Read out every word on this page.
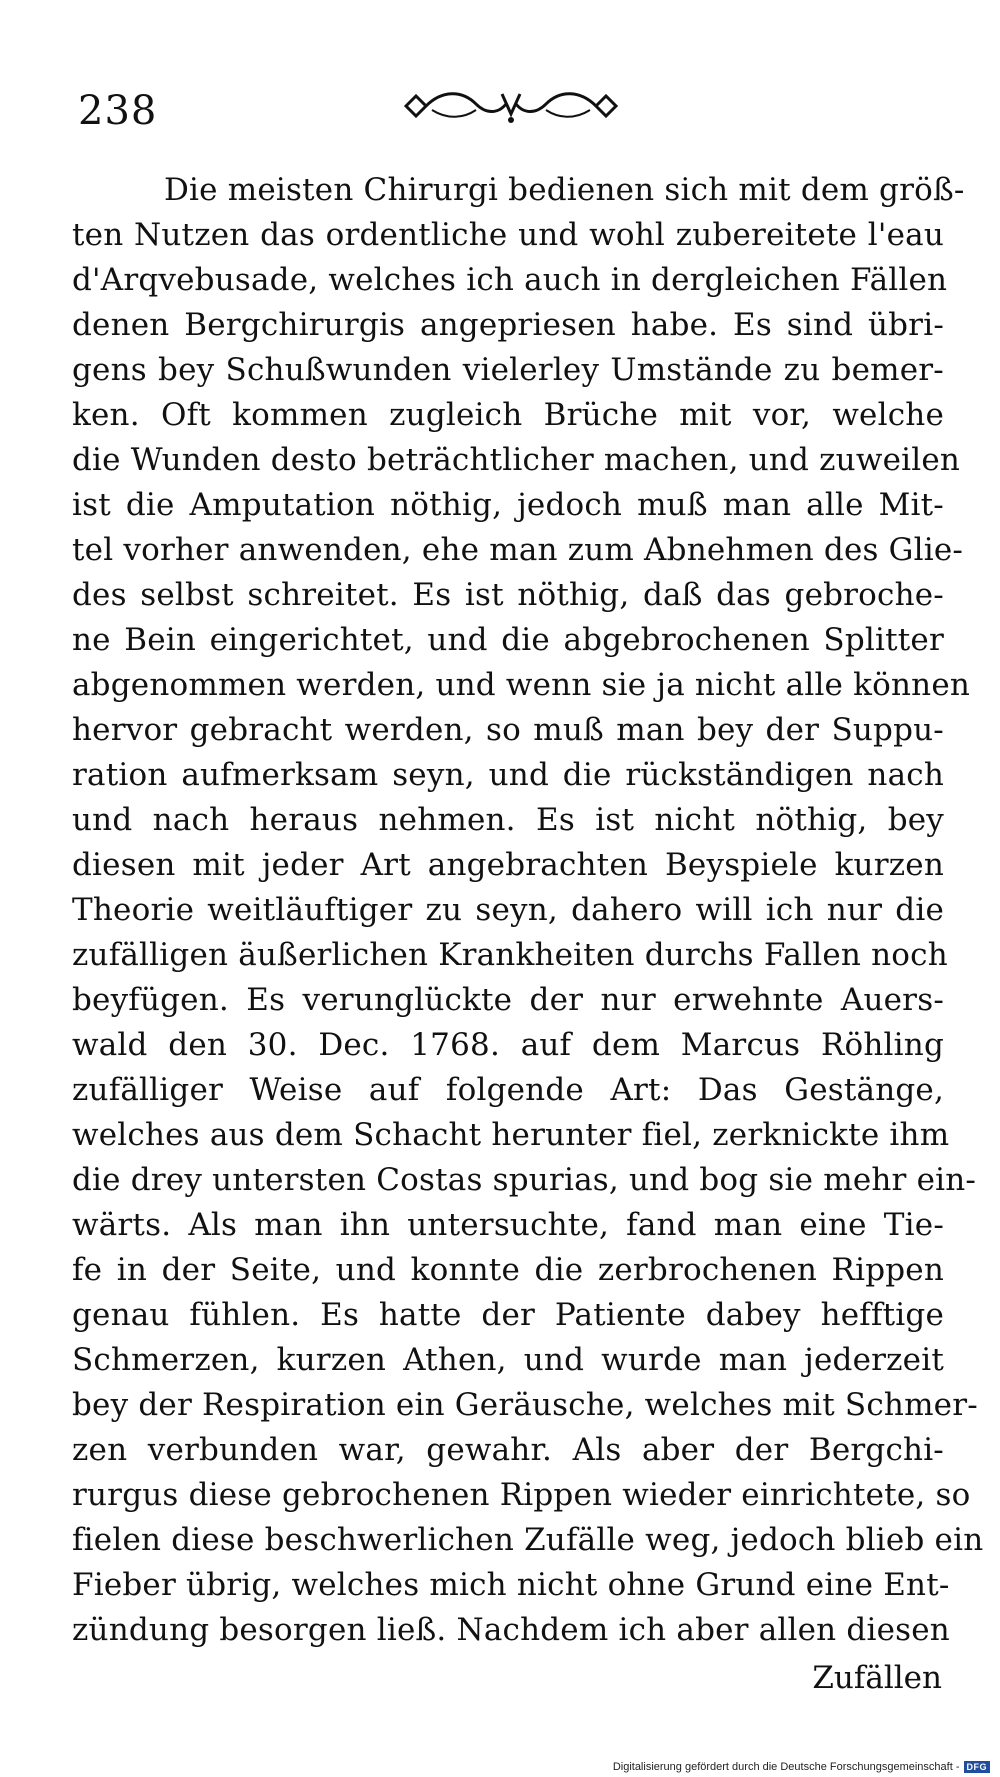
238
Die meisten Chirurgi bedienen sich mit dem größ-
ten Nutzen das ordentliche und wohl zubereitete l'eau
d'Arqvebusade, welches ich auch in dergleichen Fällen
denen Bergchirurgis angepriesen habe. Es sind übri-
gens bey Schußwunden vielerley Umstände zu bemer-
ken. Oft kommen zugleich Brüche mit vor, welche
die Wunden desto beträchtlicher machen, und zuweilen
ist die Amputation nöthig, jedoch muß man alle Mit-
tel vorher anwenden, ehe man zum Abnehmen des Glie-
des selbst schreitet. Es ist nöthig, daß das gebroche-
ne Bein eingerichtet, und die abgebrochenen Splitter
abgenommen werden, und wenn sie ja nicht alle können
hervor gebracht werden, so muß man bey der Suppu-
ration aufmerksam seyn, und die rückständigen nach
und nach heraus nehmen. Es ist nicht nöthig, bey
diesen mit jeder Art angebrachten Beyspiele kurzen
Theorie weitläuftiger zu seyn, dahero will ich nur die
zufälligen äußerlichen Krankheiten durchs Fallen noch
beyfügen. Es verunglückte der nur erwehnte Auers-
wald den 30. Dec. 1768. auf dem Marcus Röhling
zufälliger Weise auf folgende Art: Das Gestänge,
welches aus dem Schacht herunter fiel, zerknickte ihm
die drey untersten Costas spurias, und bog sie mehr ein-
wärts. Als man ihn untersuchte, fand man eine Tie-
fe in der Seite, und konnte die zerbrochenen Rippen
genau fühlen. Es hatte der Patiente dabey hefftige
Schmerzen, kurzen Athen, und wurde man jederzeit
bey der Respiration ein Geräusche, welches mit Schmer-
zen verbunden war, gewahr. Als aber der Bergchi-
rurgus diese gebrochenen Rippen wieder einrichtete, so
fielen diese beschwerlichen Zufälle weg, jedoch blieb ein
Fieber übrig, welches mich nicht ohne Grund eine Ent-
zündung besorgen ließ. Nachdem ich aber allen diesen
Zufällen
Digitalisierung gefördert durch die Deutsche Forschungsgemeinschaft - DFG
